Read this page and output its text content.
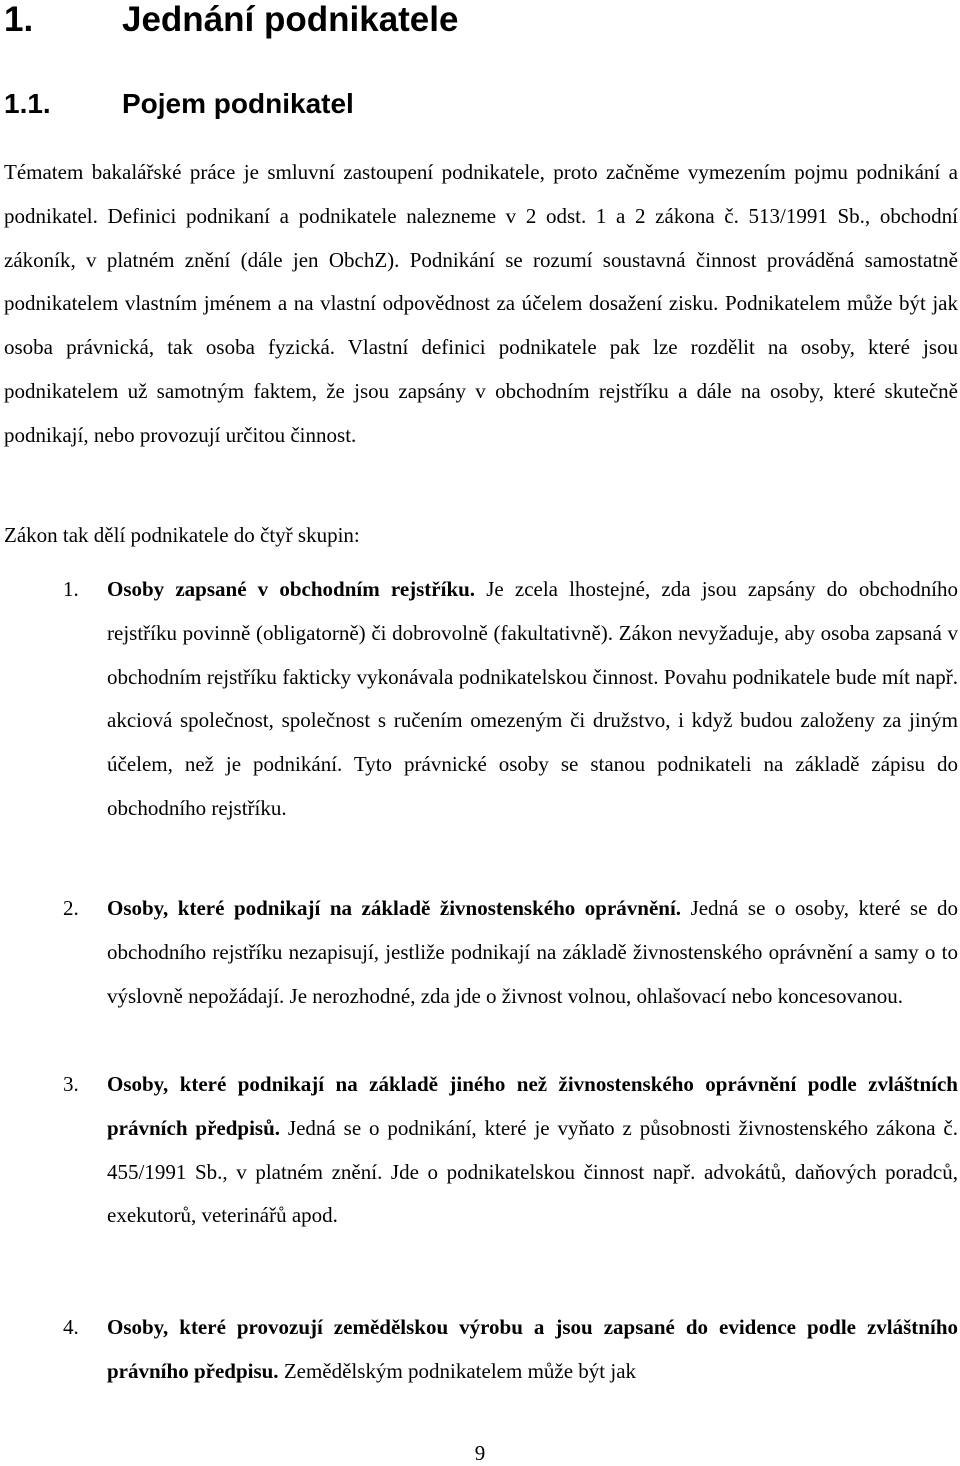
1.	Jednání podnikatele
1.1.	Pojem podnikatel
Tématem bakalářské práce je smluvní zastoupení podnikatele, proto začněme vymezením pojmu podnikání a podnikatel. Definici podnikaní a podnikatele nalezneme v 2 odst. 1 a 2 zákona č. 513/1991 Sb., obchodní zákoník, v platném znění (dále jen ObchZ). Podnikání se rozumí soustavná činnost prováděná samostatně podnikatelem vlastním jménem a na vlastní odpovědnost za účelem dosažení zisku. Podnikatelem může být jak osoba právnická, tak osoba fyzická. Vlastní definici podnikatele pak lze rozdělit na osoby, které jsou podnikatelem už samotným faktem, že jsou zapsány v obchodním rejstříku a dále na osoby, které skutečně podnikají, nebo provozují určitou činnost.
Zákon tak dělí podnikatele do čtyř skupin:
1. Osoby zapsané v obchodním rejstříku. Je zcela lhostejné, zda jsou zapsány do obchodního rejstříku povinně (obligatorně) či dobrovolně (fakultativně). Zákon nevyžaduje, aby osoba zapsaná v obchodním rejstříku fakticky vykonávala podnikatelskou činnost. Povahu podnikatele bude mít např. akciová společnost, společnost s ručením omezeným či družstvo, i když budou založeny za jiným účelem, než je podnikání. Tyto právnické osoby se stanou podnikateli na základě zápisu do obchodního rejstříku.
2. Osoby, které podnikají na základě živnostenského oprávnění. Jedná se o osoby, které se do obchodního rejstříku nezapisují, jestliže podnikají na základě živnostenského oprávnění a samy o to výslovně nepožádají. Je nerozhodné, zda jde o živnost volnou, ohlašovací nebo koncesovanou.
3. Osoby, které podnikají na základě jiného než živnostenského oprávnění podle zvláštních právních předpisů. Jedná se o podnikání, které je vyňato z působnosti živnostenského zákona č. 455/1991 Sb., v platném znění. Jde o podnikatelskou činnost např. advokátů, daňových poradců, exekutorů, veterinářů apod.
4. Osoby, které provozují zemědělskou výrobu a jsou zapsané do evidence podle zvláštního právního předpisu. Zemědělským podnikatelem může být jak
9
